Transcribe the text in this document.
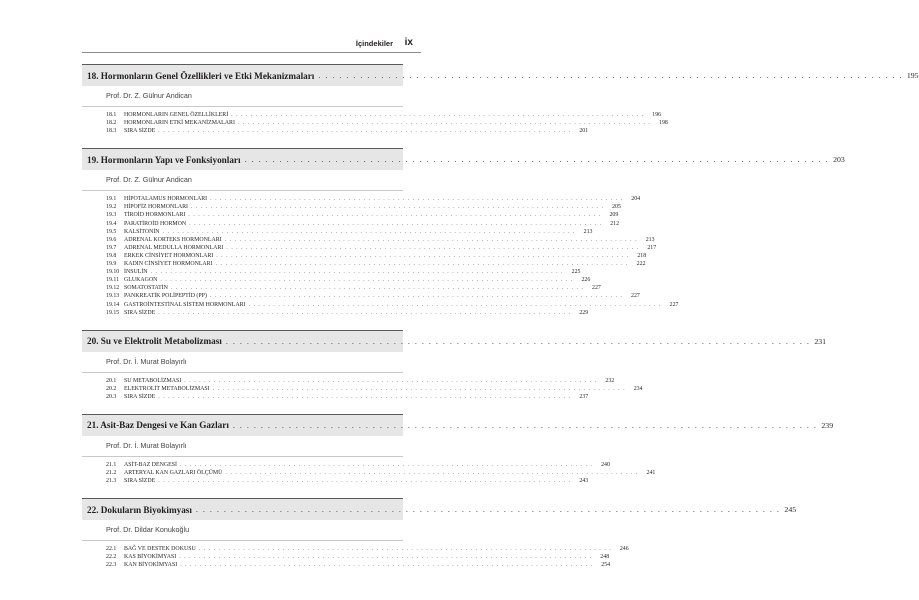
İçindekiler ix
18. Hormonların Genel Özellikleri ve Etki Mekanizmaları . . . . . . . . . . . . . . . . . . . . . . . . . . . . . . . . . . . . . . . . . . . . . . . . . . . . . . . . . . . . . . . . . . . . . . . . . . . . . . . . . . . . 195
Prof. Dr. Z. Gülnur Andican
18.1	HORMONLARIN GENEL ÖZELLİKLERİ . . . . . . . . . . . . . . . . . . . . . . . . . . . . . . . . . . . . . . . . . . . . . . . . . . . . . . . . . . . . . . . . . . . . . . . . . . . . . . . . . . . .	196
18.2	HORMONLARIN ETKİ MEKANİZMALARI . . . . . . . . . . . . . . . . . . . . . . . . . . . . . . . . . . . . . . . . . . . . . . . . . . . . . . . . . . . . . . . . . . . . . . . . . . . . . . . . . . . .	198
18.3	SIRA SİZDE . . . . . . . . . . . . . . . . . . . . . . . . . . . . . . . . . . . . . . . . . . . . . . . . . . . . . . . . . . . . . . . . . . . . . . . . . . . . . . . . . . . .	201
19. Hormonların Yapı ve Fonksiyonları . . . . . . . . . . . . . . . . . . . . . . . . . . . . . . . . . . . . . . . . . . . . . . . . . . . . . . . . . . . . . . . . . . . . . . . . . . . . . . . . . . . . 203
Prof. Dr. Z. Gülnur Andican
19.1	HİPOTALAMUS HORMONLARI . . . . . . . . . . . . . . . . . . . . . . . . . . . . . . . . . . . . . . . . . . . . . . . . . . . . . . . . . . . . . . . . . . . . . . . . . . . . . . . . . . . .	204
19.2	HİPOFİZ HORMONLARI . . . . . . . . . . . . . . . . . . . . . . . . . . . . . . . . . . . . . . . . . . . . . . . . . . . . . . . . . . . . . . . . . . . . . . . . . . . . . . . . . . . .	205
19.3	TİROİD HORMONLARI . . . . . . . . . . . . . . . . . . . . . . . . . . . . . . . . . . . . . . . . . . . . . . . . . . . . . . . . . . . . . . . . . . . . . . . . . . . . . . . . . . . .	209
19.4	PARATİROİD HORMON . . . . . . . . . . . . . . . . . . . . . . . . . . . . . . . . . . . . . . . . . . . . . . . . . . . . . . . . . . . . . . . . . . . . . . . . . . . . . . . . . . . .	212
19.5	KALSİTONİN . . . . . . . . . . . . . . . . . . . . . . . . . . . . . . . . . . . . . . . . . . . . . . . . . . . . . . . . . . . . . . . . . . . . . . . . . . . . . . . . . . . .	213
19.6	ADRENAL KORTEKS HORMONLARI . . . . . . . . . . . . . . . . . . . . . . . . . . . . . . . . . . . . . . . . . . . . . . . . . . . . . . . . . . . . . . . . . . . . . . . . . . . . . . . . . . . .	213
19.7	ADRENAL MEDULLA HORMONLARI . . . . . . . . . . . . . . . . . . . . . . . . . . . . . . . . . . . . . . . . . . . . . . . . . . . . . . . . . . . . . . . . . . . . . . . . . . . . . . . . . . . .	217
19.8	ERKEK CİNSİYET HORMONLARI . . . . . . . . . . . . . . . . . . . . . . . . . . . . . . . . . . . . . . . . . . . . . . . . . . . . . . . . . . . . . . . . . . . . . . . . . . . . . . . . . . . .	218
19.9	KADIN CİNSİYET HORMONLARI . . . . . . . . . . . . . . . . . . . . . . . . . . . . . . . . . . . . . . . . . . . . . . . . . . . . . . . . . . . . . . . . . . . . . . . . . . . . . . . . . . . .	222
19.10 İNSULİN . . . . . . . . . . . . . . . . . . . . . . . . . . . . . . . . . . . . . . . . . . . . . . . . . . . . . . . . . . . . . . . . . . . . . . . . . . . . . . . . . . . .	225
19.11 GLUKAGON . . . . . . . . . . . . . . . . . . . . . . . . . . . . . . . . . . . . . . . . . . . . . . . . . . . . . . . . . . . . . . . . . . . . . . . . . . . . . . . . . . . .	226
19.12 SOMATOSTATİN . . . . . . . . . . . . . . . . . . . . . . . . . . . . . . . . . . . . . . . . . . . . . . . . . . . . . . . . . . . . . . . . . . . . . . . . . . . . . . . . . . . .	227
19.13 PANKREATİK POLİPEPTİD (PP) . . . . . . . . . . . . . . . . . . . . . . . . . . . . . . . . . . . . . . . . . . . . . . . . . . . . . . . . . . . . . . . . . . . . . . . . . . . . . . . . . . . .	227
19.14 GASTROİNTESTİNAL SİSTEM HORMONLARI . . . . . . . . . . . . . . . . . . . . . . . . . . . . . . . . . . . . . . . . . . . . . . . . . . . . . . . . . . . . . . . . . . . . . . . . . . . . . . . . . . . .	227
19.15 SIRA SİZDE . . . . . . . . . . . . . . . . . . . . . . . . . . . . . . . . . . . . . . . . . . . . . . . . . . . . . . . . . . . . . . . . . . . . . . . . . . . . . . . . . . . .	229
20. Su ve Elektrolit Metabolizması . . . . . . . . . . . . . . . . . . . . . . . . . . . . . . . . . . . . . . . . . . . . . . . . . . . . . . . . . . . . . . . . . . . . . . . . . . . . . . . . . . . . 231
Prof. Dr. İ. Murat Bolayırlı
20.1	SU METABOLİZMASI . . . . . . . . . . . . . . . . . . . . . . . . . . . . . . . . . . . . . . . . . . . . . . . . . . . . . . . . . . . . . . . . . . . . . . . . . . . . . . . . . . . .	232
20.2	ELEKTROLİT METABOLİZMASI . . . . . . . . . . . . . . . . . . . . . . . . . . . . . . . . . . . . . . . . . . . . . . . . . . . . . . . . . . . . . . . . . . . . . . . . . . . . . . . . . . . .	234
20.3	SIRA SİZDE . . . . . . . . . . . . . . . . . . . . . . . . . . . . . . . . . . . . . . . . . . . . . . . . . . . . . . . . . . . . . . . . . . . . . . . . . . . . . . . . . . . .	237
21. Asit-Baz Dengesi ve Kan Gazları . . . . . . . . . . . . . . . . . . . . . . . . . . . . . . . . . . . . . . . . . . . . . . . . . . . . . . . . . . . . . . . . . . . . . . . . . . . . . . . . . . . . 239
Prof. Dr. İ. Murat Bolayırlı
21.1	ASİT-BAZ DENGESİ . . . . . . . . . . . . . . . . . . . . . . . . . . . . . . . . . . . . . . . . . . . . . . . . . . . . . . . . . . . . . . . . . . . . . . . . . . . . . . . . . . . .	240
21.2	ARTERYAL KAN GAZLARI ÖLÇÜMÜ . . . . . . . . . . . . . . . . . . . . . . . . . . . . . . . . . . . . . . . . . . . . . . . . . . . . . . . . . . . . . . . . . . . . . . . . . . . . . . . . . . . .	241
21.3	SIRA SİZDE . . . . . . . . . . . . . . . . . . . . . . . . . . . . . . . . . . . . . . . . . . . . . . . . . . . . . . . . . . . . . . . . . . . . . . . . . . . . . . . . . . . .	243
22. Dokuların Biyokimyası . . . . . . . . . . . . . . . . . . . . . . . . . . . . . . . . . . . . . . . . . . . . . . . . . . . . . . . . . . . . . . . . . . . . . . . . . . . . . . . . . . . . 245
Prof. Dr. Dildar Konukoğlu
22.1	BAĞ VE DESTEK DOKUSU . . . . . . . . . . . . . . . . . . . . . . . . . . . . . . . . . . . . . . . . . . . . . . . . . . . . . . . . . . . . . . . . . . . . . . . . . . . . . . . . . . . .	246
22.2	KAS BİYOKİMYASI . . . . . . . . . . . . . . . . . . . . . . . . . . . . . . . . . . . . . . . . . . . . . . . . . . . . . . . . . . . . . . . . . . . . . . . . . . . . . . . . . . . .	248
22.3	KAN BİYOKİMYASI . . . . . . . . . . . . . . . . . . . . . . . . . . . . . . . . . . . . . . . . . . . . . . . . . . . . . . . . . . . . . . . . . . . . . . . . . . . . . . . . . . . .	254
